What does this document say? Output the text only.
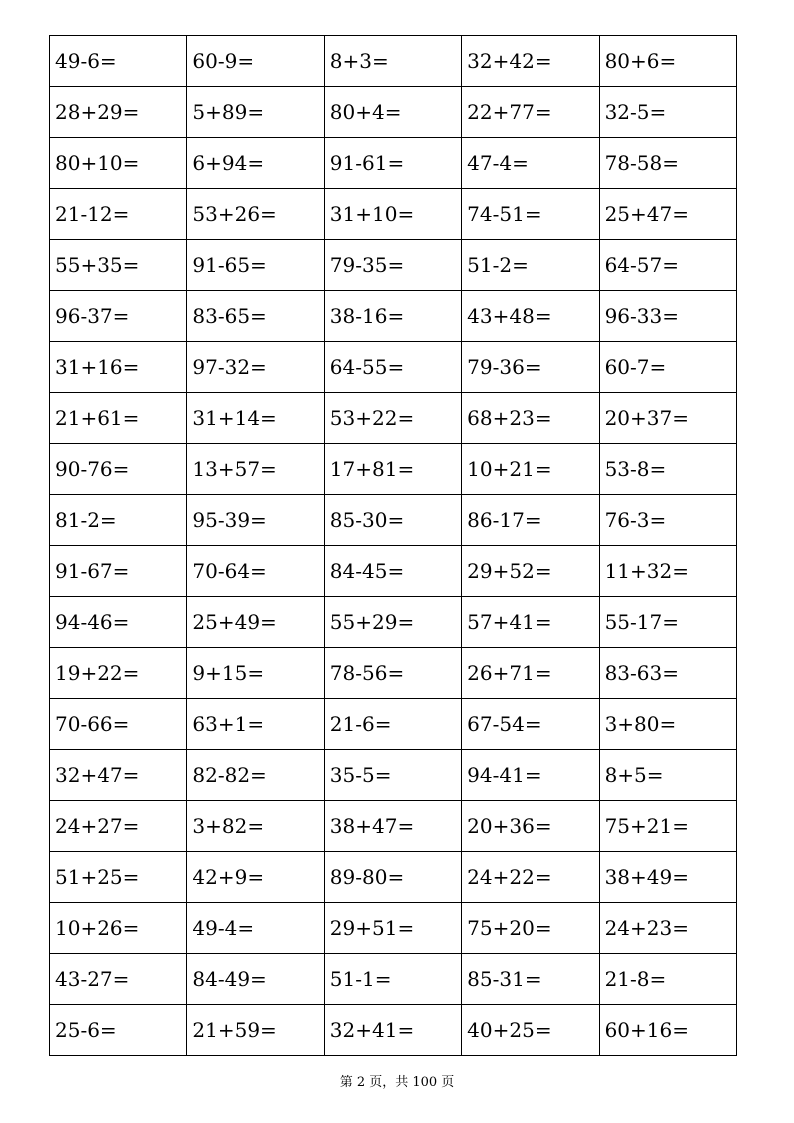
49-6=	60-9=	8+3=	32+42=	80+6=
28+29=	5+89=	80+4=	22+77=	32-5=
80+10=	6+94=	91-61=	47-4=	78-58=
21-12=	53+26=	31+10=	74-51=	25+47=
55+35=	91-65=	79-35=	51-2=	64-57=
96-37=	83-65=	38-16=	43+48=	96-33=
31+16=	97-32=	64-55=	79-36=	60-7=
21+61=	31+14=	53+22=	68+23=	20+37=
90-76=	13+57=	17+81=	10+21=	53-8=
81-2=	95-39=	85-30=	86-17=	76-3=
91-67=	70-64=	84-45=	29+52=	11+32=
94-46=	25+49=	55+29=	57+41=	55-17=
19+22=	9+15=	78-56=	26+71=	83-63=
70-66=	63+1=	21-6=	67-54=	3+80=
32+47=	82-82=	35-5=	94-41=	8+5=
24+27=	3+82=	38+47=	20+36=	75+21=
51+25=	42+9=	89-80=	24+22=	38+49=
10+26=	49-4=	29+51=	75+20=	24+23=
43-27=	84-49=	51-1=	85-31=	21-8=
25-6=	21+59=	32+41=	40+25=	60+16=
第 2 页，共 100 页
